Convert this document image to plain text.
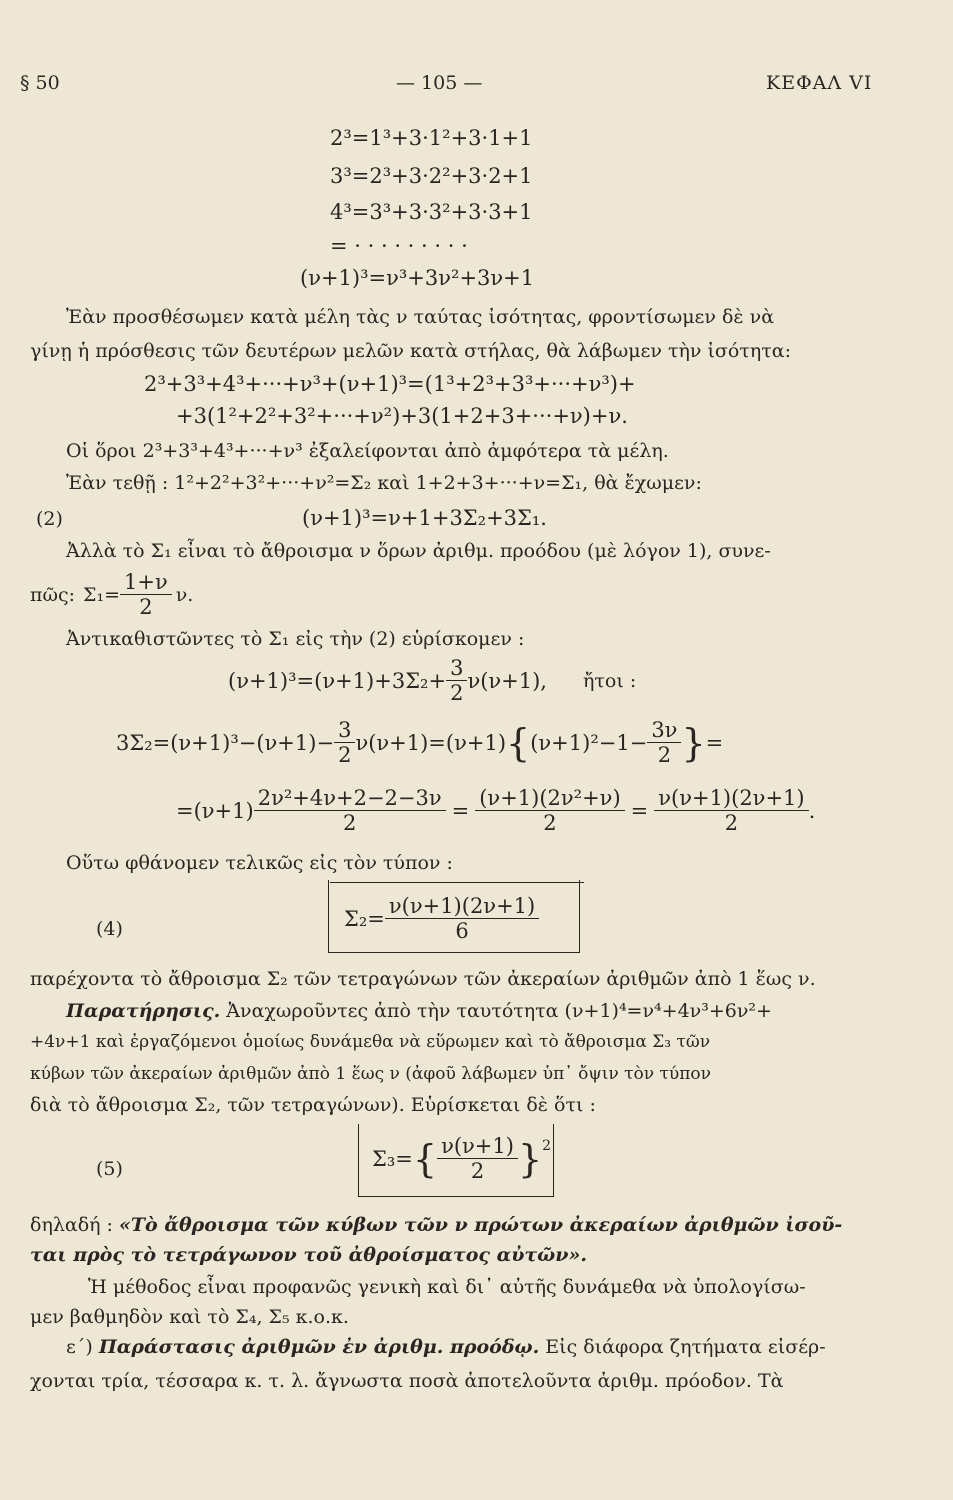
§ 50	— 105 —	ΚΕΦΑΛ VI
2³=1³+3·1²+3·1+1
3³=2³+3·2²+3·2+1
4³=3³+3·3²+3·3+1
= · · · · · · · · ·
(ν+1)³=ν³+3ν²+3ν+1
Ἐὰν προσθέσωμεν κατὰ μέλη τὰς ν ταύτας ἰσότητας, φροντίσωμεν δὲ νὰ
γίνῃ ἡ πρόσθεσις τῶν δευτέρων μελῶν κατὰ στήλας, θὰ λάβωμεν τὴν ἰσότητα:
2³+3³+4³+···+ν³+(ν+1)³=(1³+2³+3³+···+ν³)+
+3(1²+2²+3²+···+ν²)+3(1+2+3+···+ν)+ν.
Οἱ ὅροι 2³+3³+4³+···+ν³ ἐξαλείφονται ἀπὸ ἀμφότερα τὰ μέλη.
Ἐὰν τεθῇ : 1²+2²+3²+···+ν²=Σ₂ καὶ 1+2+3+···+ν=Σ₁, θὰ ἔχωμεν:
(2)	(ν+1)³=ν+1+3Σ₂+3Σ₁.
Ἀλλὰ τὸ Σ₁ εἶναι τὸ ἄθροισμα ν ὅρων ἀριθμ. προόδου (μὲ λόγον 1), συνε-
πῶς: $\Sigma_1= \frac{1+\nu}{2} \nu$.
Ἀντικαθιστῶντες τὸ Σ₁ εἰς τὴν (2) εὑρίσκομεν :
$(\nu+1)^3=(\nu+1)+3\Sigma_2+ \frac{3}{2} \nu(\nu+1)$, ἤτοι :
$3\Sigma_2=(\nu+1)^3-(\nu+1)- \frac{3}{2} \nu(\nu+1)=(\nu+1)$ { $(\nu+1)^2-1- \frac{3\nu}{2}$ } =
$=(\nu+1) \frac{\text{2ν²+4ν+2−2−3ν}}{2} = \frac{\text{(ν+1)(2ν²+ν)}}{2} = \frac{\nu(\nu+1)(2\nu+1)}{2}$ .
Οὕτω φθάνομεν τελικῶς εἰς τὸν τύπον :
(4)	$\Sigma_2= \frac{\nu(\nu+1)(2\nu+1)}{6}$
παρέχοντα τὸ ἄθροισμα Σ₂ τῶν τετραγώνων τῶν ἀκεραίων ἀριθμῶν ἀπὸ 1 ἕως ν.
Παρατήρησις. Ἀναχωροῦντες ἀπὸ τὴν ταυτότητα (ν+1)⁴=ν⁴+4ν³+6ν²+
+4ν+1 καὶ ἐργαζόμενοι ὁμοίως δυνάμεθα νὰ εὕρωμεν καὶ τὸ ἄθροισμα Σ₃ τῶν
κύβων τῶν ἀκεραίων ἀριθμῶν ἀπὸ 1 ἕως ν (ἀφοῦ λάβωμεν ὑπ᾽ ὄψιν τὸν τύπον
διὰ τὸ ἄθροισμα Σ₂, τῶν τετραγώνων). Εὑρίσκεται δὲ ὅτι :
(5)	Σ₃= { $\frac{\nu(\nu+1)}{2} \}^2$
δηλαδή : «Τὸ ἄθροισμα τῶν κύβων τῶν ν πρώτων ἀκεραίων ἀριθμῶν ἰσοῦ-
ται πρὸς τὸ τετράγωνον τοῦ ἀθροίσματος αὐτῶν».
Ἡ μέθοδος εἶναι προφανῶς γενικὴ καὶ δι᾽ αὐτῆς δυνάμεθα νὰ ὑπολογίσω-
μεν βαθμηδὸν καὶ τὸ Σ₄, Σ₅ κ.ο.κ.
ε´) Παράστασις ἀριθμῶν ἐν ἀριθμ. προόδῳ. Εἰς διάφορα ζητήματα εἰσέρ-
χονται τρία, τέσσαρα κ. τ. λ. ἄγνωστα ποσὰ ἀποτελοῦντα ἀριθμ. πρόοδον. Τὰ
